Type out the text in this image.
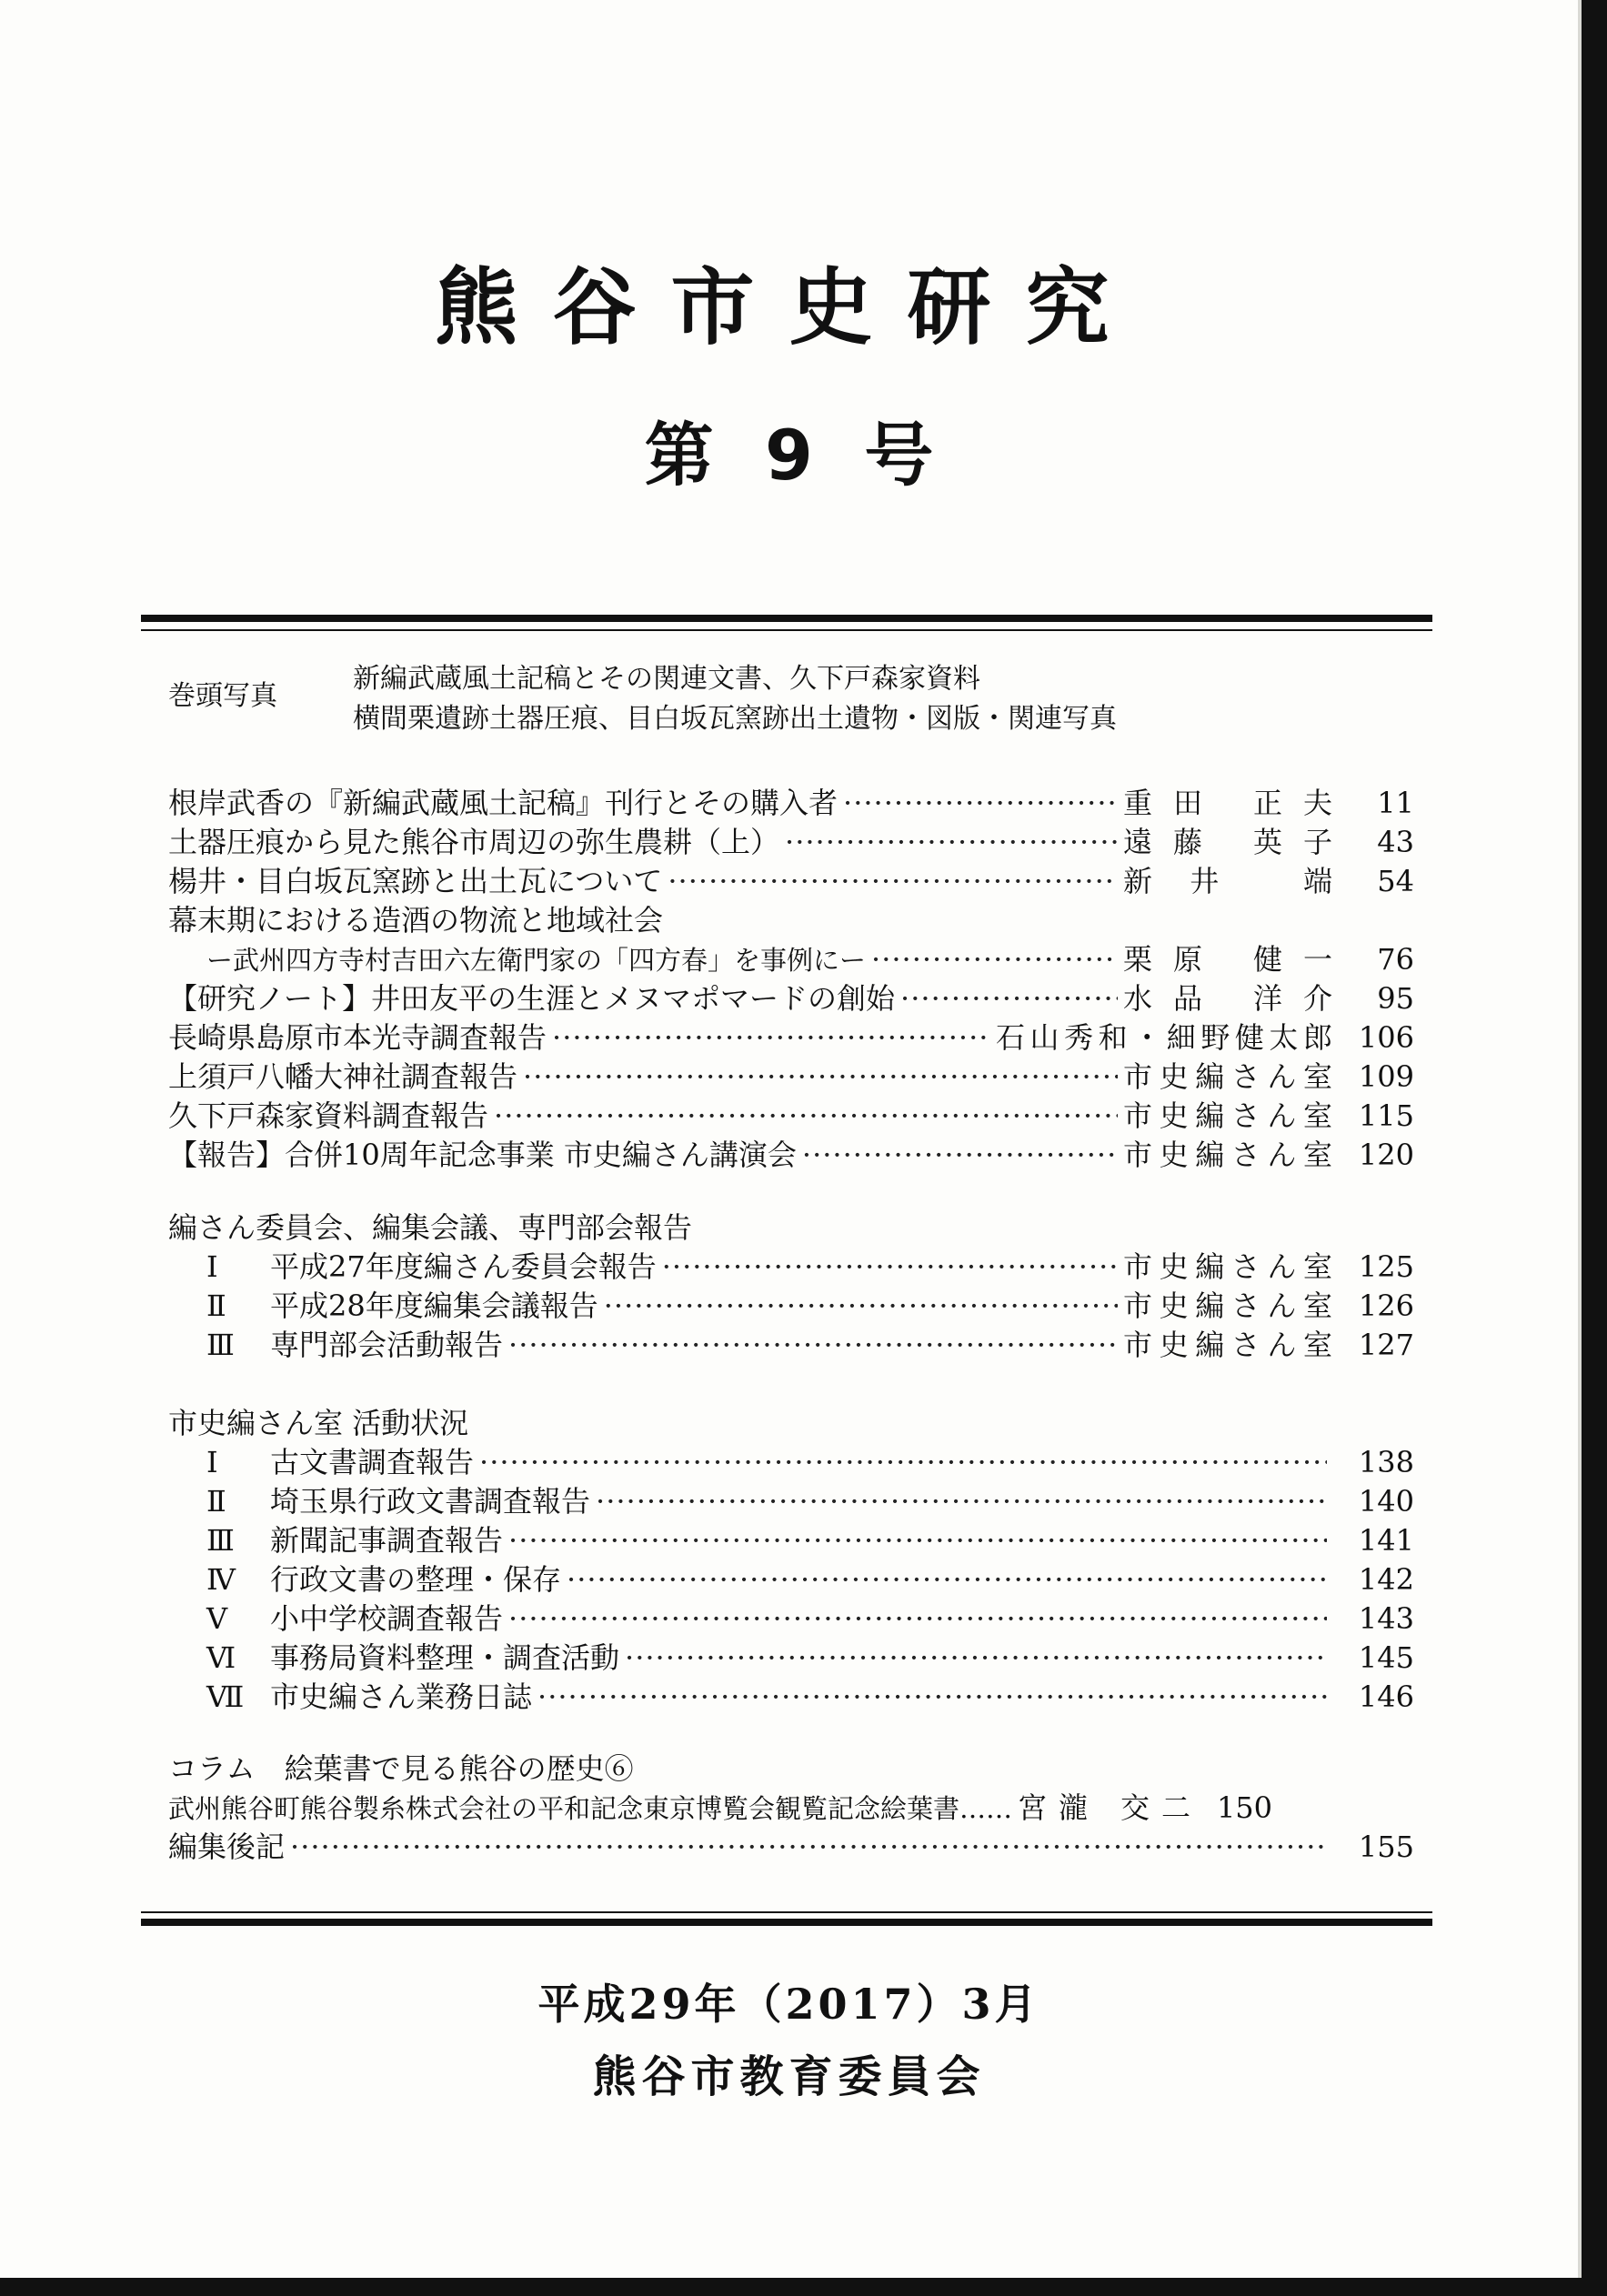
熊谷市史研究
第 9 号
巻頭写真
新編武蔵風土記稿とその関連文書、久下戸森家資料
横間栗遺跡土器圧痕、目白坂瓦窯跡出土遺物・図版・関連写真
根岸武香の『新編武蔵風土記稿』刊行とその購入者 ·····	重田 正夫	11
土器圧痕から見た熊谷市周辺の弥生農耕（上） ·····	遠藤 英子	43
楊井・目白坂瓦窯跡と出土瓦について ·····	新井 端	54
幕末期における造酒の物流と地域社会
ー武州四方寺村吉田六左衛門家の「四方春」を事例にー ·····	栗原 健一	76
【研究ノート】井田友平の生涯とメヌマポマードの創始 ·····	水品 洋介	95
長崎県島原市本光寺調査報告 ·····	石山秀和・細野健太郎 106
上須戸八幡大神社調査報告 ·····	市史編さん室 109
久下戸森家資料調査報告 ·····	市史編さん室 115
【報告】合併10周年記念事業 市史編さん講演会 ·····	市史編さん室 120
編さん委員会、編集会議、専門部会報告
Ⅰ	平成27年度編さん委員会報告 ·····	市史編さん室 125
Ⅱ	平成28年度編集会議報告 ·····	市史編さん室 126
Ⅲ	専門部会活動報告 ·····	市史編さん室 127
市史編さん室 活動状況
Ⅰ	古文書調査報告 ·····	138
Ⅱ	埼玉県行政文書調査報告 ·····	140
Ⅲ	新聞記事調査報告 ·····	141
Ⅳ	行政文書の整理・保存 ·····	142
Ⅴ	小中学校調査報告 ·····	143
Ⅵ	事務局資料整理・調査活動 ·····	145
Ⅶ 市史編さん業務日誌 ·····	146
コラム　絵葉書で見る熊谷の歴史⑥
武州熊谷町熊谷製糸株式会社の平和記念東京博覧会観覧記念絵葉書…… 宮瀧 交二 150
編集後記 ·····	155
平成29年（2017）3月
熊谷市教育委員会
